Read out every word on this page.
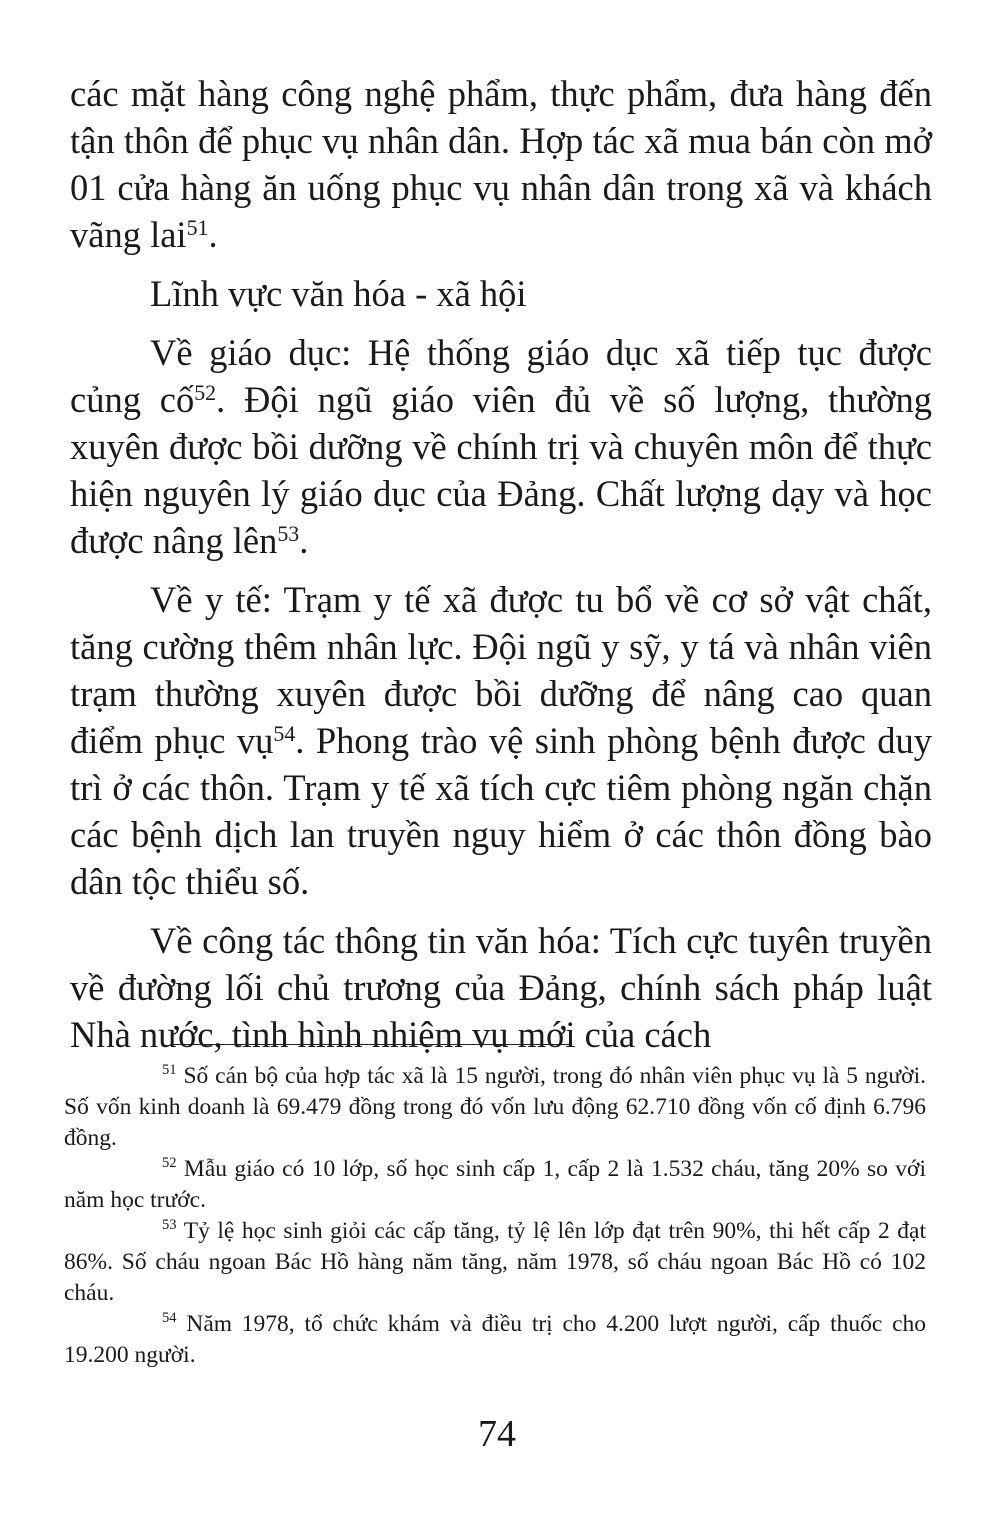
các mặt hàng công nghệ phẩm, thực phẩm, đưa hàng đến tận thôn để phục vụ nhân dân. Hợp tác xã mua bán còn mở 01 cửa hàng ăn uống phục vụ nhân dân trong xã và khách vãng lai$^{51}$.

Lĩnh vực văn hóa - xã hội

Về giáo dục: Hệ thống giáo dục xã tiếp tục được củng cố$^{52}$. Đội ngũ giáo viên đủ về số lượng, thường xuyên được bồi dưỡng về chính trị và chuyên môn để thực hiện nguyên lý giáo dục của Đảng. Chất lượng dạy và học được nâng lên$^{53}$.

Về y tế: Trạm y tế xã được tu bổ về cơ sở vật chất, tăng cường thêm nhân lực. Đội ngũ y sỹ, y tá và nhân viên trạm thường xuyên được bồi dưỡng để nâng cao quan điểm phục vụ$^{54}$. Phong trào vệ sinh phòng bệnh được duy trì ở các thôn. Trạm y tế xã tích cực tiêm phòng ngăn chặn các bệnh dịch lan truyền nguy hiểm ở các thôn đồng bào dân tộc thiểu số.

Về công tác thông tin văn hóa: Tích cực tuyên truyền về đường lối chủ trương của Đảng, chính sách pháp luật Nhà nước, tình hình nhiệm vụ mới của cách

$^{51}$ Số cán bộ của hợp tác xã là 15 người, trong đó nhân viên phục vụ là 5 người. Số vốn kinh doanh là 69.479 đồng trong đó vốn lưu động 62.710 đồng vốn cố định 6.796 đồng.

$^{52}$ Mẫu giáo có 10 lớp, số học sinh cấp 1, cấp 2 là 1.532 cháu, tăng 20% so với năm học trước.

$^{53}$ Tỷ lệ học sinh giỏi các cấp tăng, tỷ lệ lên lớp đạt trên 90%, thi hết cấp 2 đạt 86%. Số cháu ngoan Bác Hồ hàng năm tăng, năm 1978, số cháu ngoan Bác Hồ có 102 cháu.

$^{54}$ Năm 1978, tổ chức khám và điều trị cho 4.200 lượt người, cấp thuốc cho 19.200 người.

74
